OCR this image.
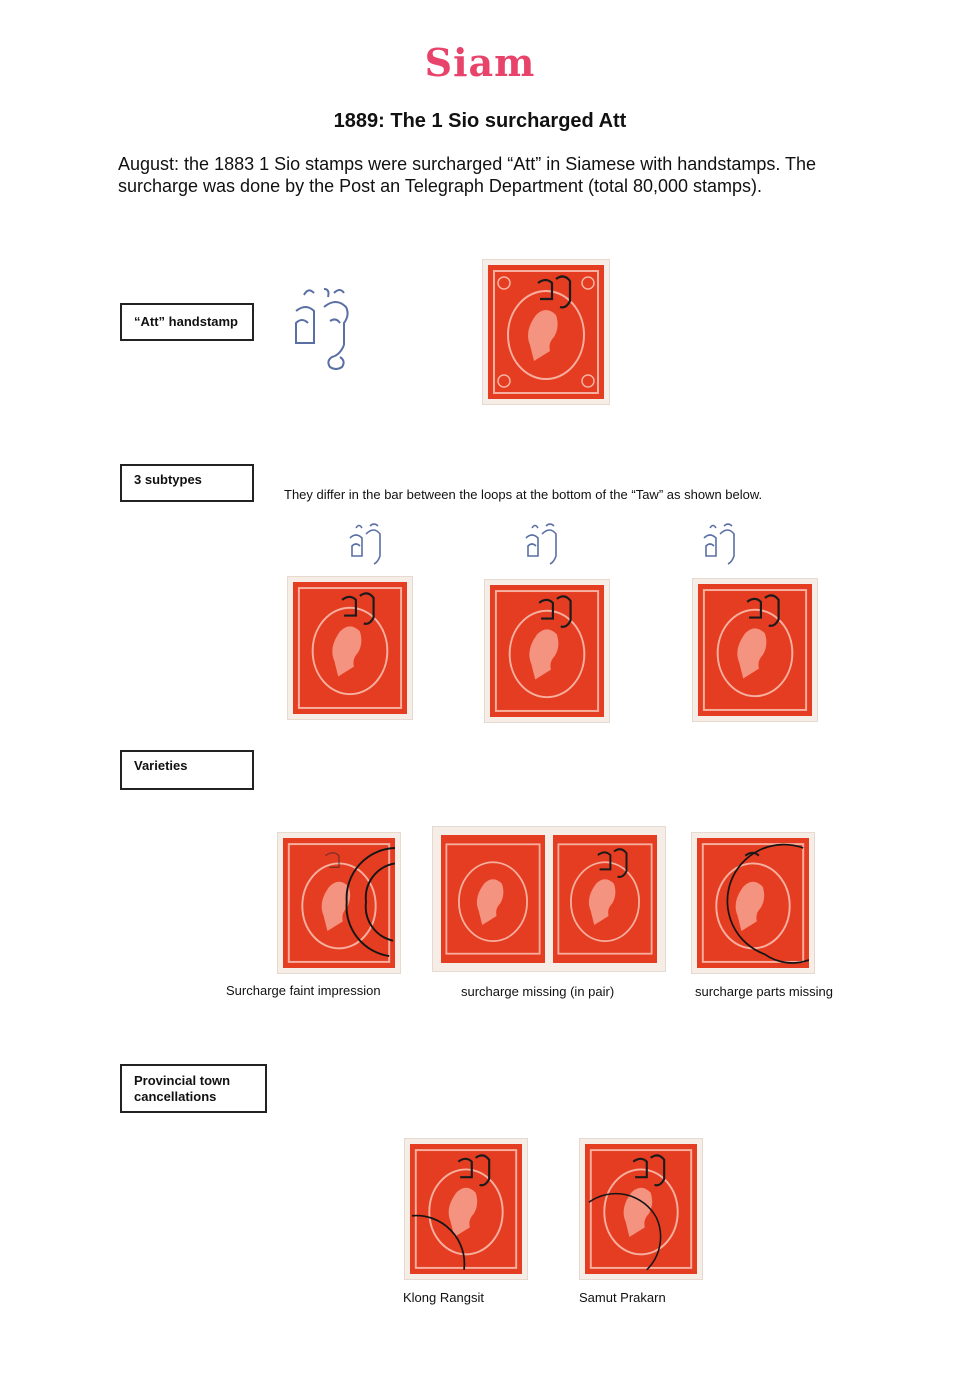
Siam
1889: The 1 Sio surcharged Att
August: the 1883 1 Sio stamps were surcharged “Att” in Siamese with handstamps. The surcharge was done by the Post an Telegraph Department (total 80,000 stamps).
“Att” handstamp
3 subtypes
They differ in the bar between the loops at the bottom of the “Taw” as shown below.
Varieties
Surcharge faint impression	surcharge missing (in pair)	surcharge parts missing
Provincial town cancellations
Klong Rangsit	Samut Prakarn
